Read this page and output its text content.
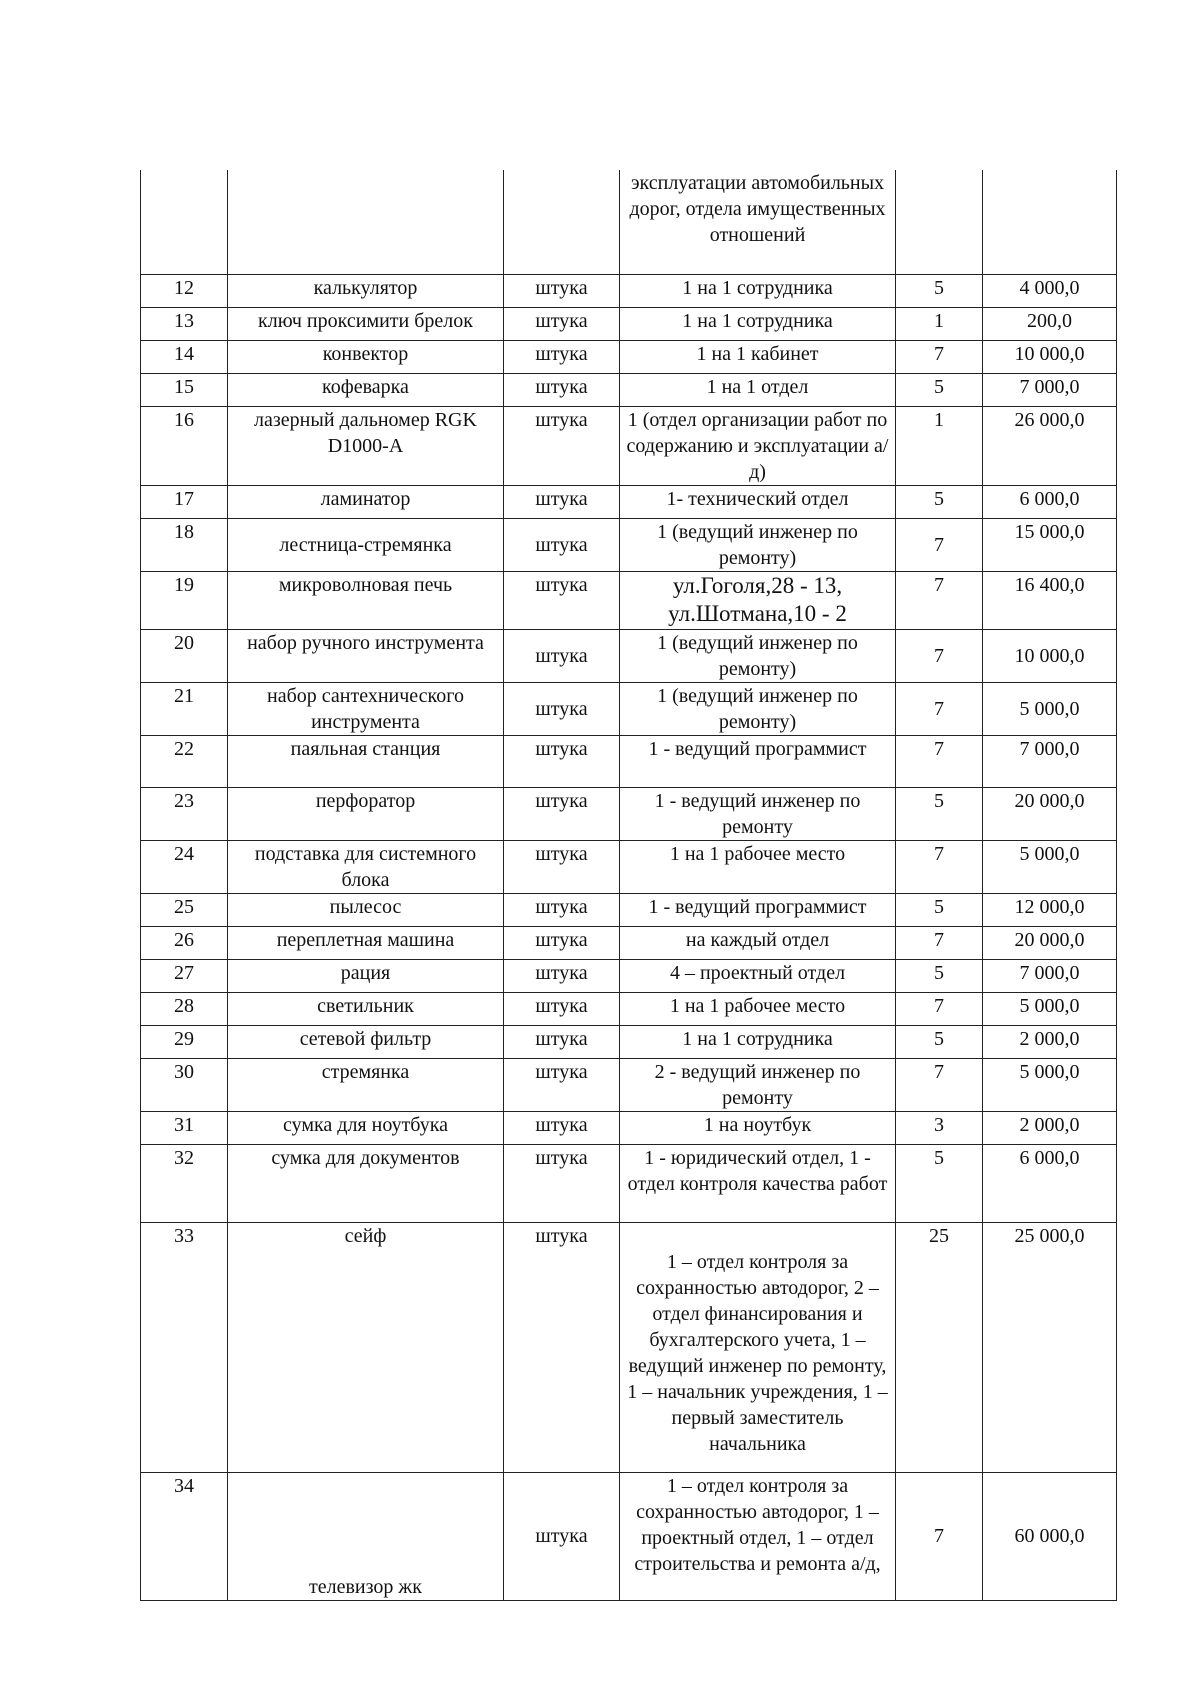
			эксплуатации автомобильных дорог, отдела имущественных отношений		
12	калькулятор	штука	1 на 1 сотрудника	5	4 000,0
13	ключ проксимити брелок	штука	1 на 1 сотрудника	1	200,0
14	конвектор	штука	1 на 1 кабинет	7	10 000,0
15	кофеварка	штука	1 на 1 отдел	5	7 000,0
16	лазерный дальномер RGK D1000-A	штука	1 (отдел организации работ по содержанию и эксплуатации а/д)	1	26 000,0
17	ламинатор	штука	1- технический отдел	5	6 000,0
18	лестница-стремянка	штука	1 (ведущий инженер по ремонту)	7	15 000,0
19	микроволновая печь	штука	ул.Гоголя,28 - 13, ул.Шотмана,10 - 2	7	16 400,0
20	набор ручного инструмента	штука	1 (ведущий инженер по ремонту)	7	10 000,0
21	набор сантехнического инструмента	штука	1 (ведущий инженер по ремонту)	7	5 000,0
22	паяльная станция	штука	1 - ведущий программист	7	7 000,0
23	перфоратор	штука	1 - ведущий инженер по ремонту	5	20 000,0
24	подставка для системного блока	штука	1 на 1 рабочее место	7	5 000,0
25	пылесос	штука	1 - ведущий программист	5	12 000,0
26	переплетная машина	штука	на каждый отдел	7	20 000,0
27	рация	штука	4 – проектный отдел	5	7 000,0
28	светильник	штука	1 на 1 рабочее место	7	5 000,0
29	сетевой фильтр	штука	1 на 1 сотрудника	5	2 000,0
30	стремянка	штука	2 - ведущий инженер по ремонту	7	5 000,0
31	сумка для ноутбука	штука	1 на ноутбук	3	2 000,0
32	сумка для документов	штука	1 - юридический отдел, 1 - отдел контроля качества работ	5	6 000,0
33	сейф	штука	1 – отдел контроля за сохранностью автодорог, 2 – отдел финансирования и бухгалтерского учета, 1 – ведущий инженер по ремонту, 1 – начальник учреждения, 1 – первый заместитель начальника	25	25 000,0
34	телевизор жк	штука	1 – отдел контроля за сохранностью автодорог, 1 – проектный отдел, 1 – отдел строительства и ремонта а/д,	7	60 000,0
